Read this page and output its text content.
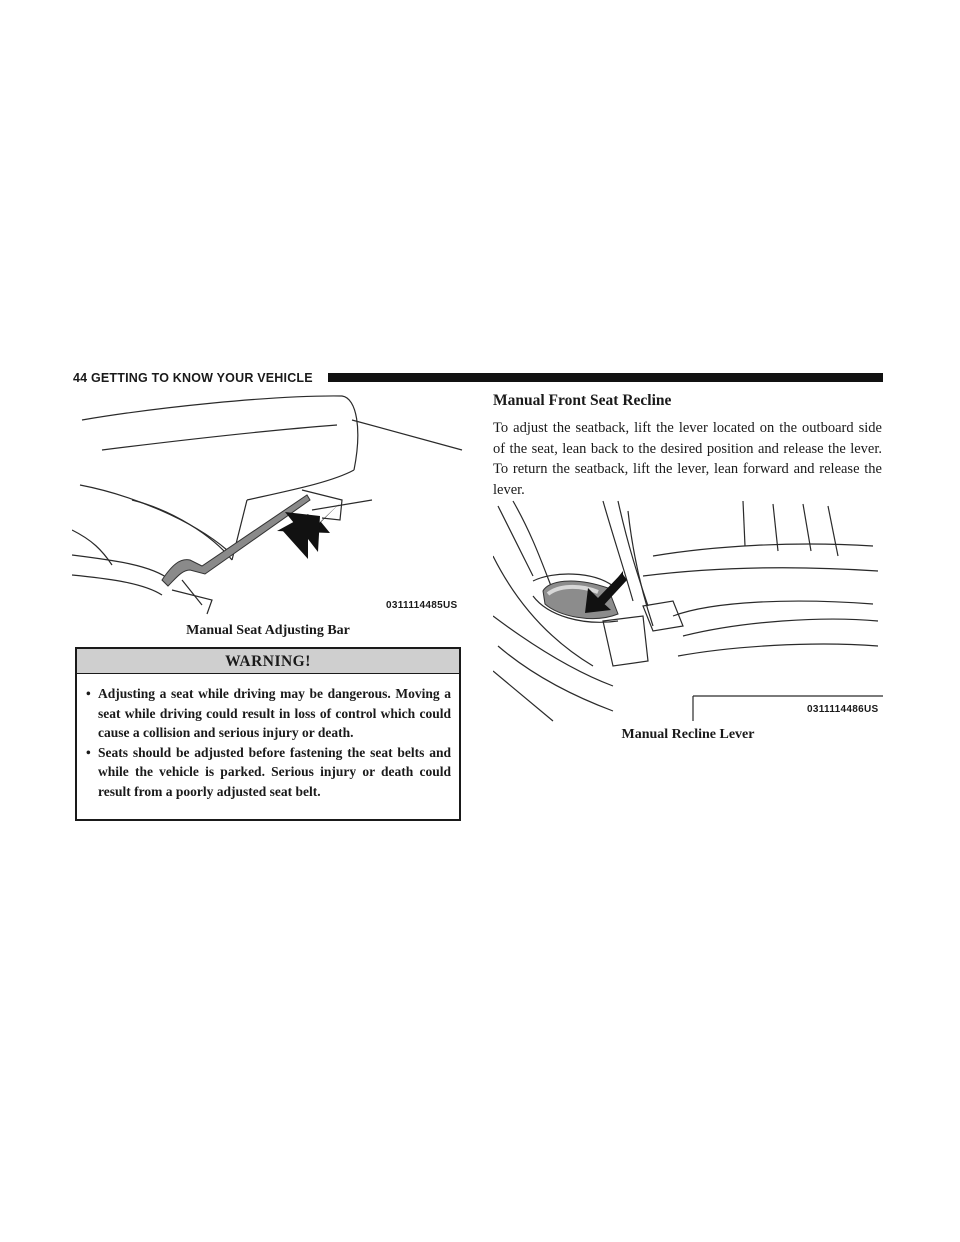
44 GETTING TO KNOW YOUR VEHICLE
0311114485US
Manual Seat Adjusting Bar
WARNING!
• Adjusting a seat while driving may be dangerous. Moving a seat while driving could result in loss of control which could cause a collision and serious injury or death.
• Seats should be adjusted before fastening the seat belts and while the vehicle is parked. Serious injury or death could result from a poorly adjusted seat belt.
Manual Front Seat Recline
To adjust the seatback, lift the lever located on the outboard side of the seat, lean back to the desired position and release the lever. To return the seatback, lift the lever, lean forward and release the lever.
0311114486US
Manual Recline Lever
